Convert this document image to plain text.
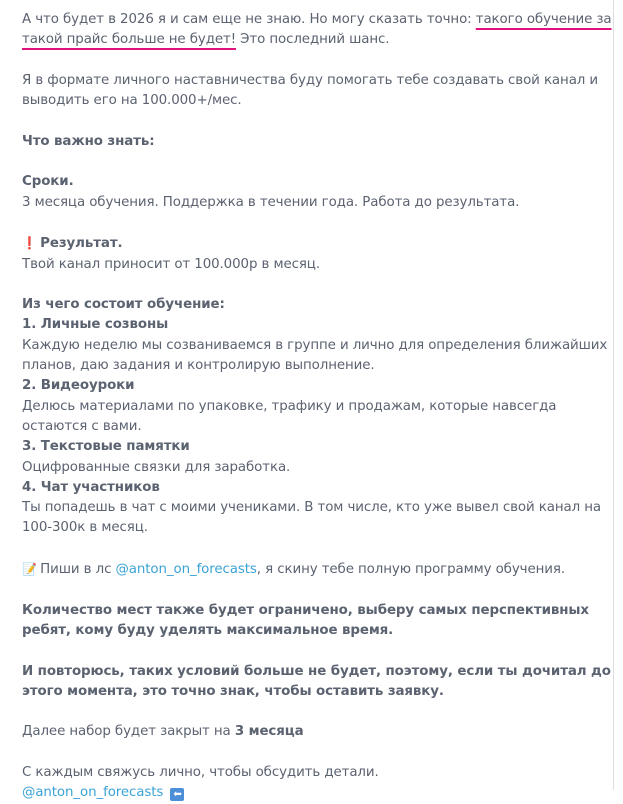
А что будет в 2026 я и сам еще не знаю. Но могу сказать точно: такого обучение за такой прайс больше не будет! Это последний шанс.

Я в формате личного наставничества буду помогать тебе создавать свой канал и выводить его на 100.000+/мес.

Что важно знать:

Сроки.

3 месяца обучения. Поддержка в течении года. Работа до результата.

❗ Результат.

Твой канал приносит от 100.000р в месяц.

Из чего состоит обучение:

1. Личные созвоны

Каждую неделю мы созваниваемся в группе и лично для определения ближайших планов, даю задания и контролирую выполнение.

2. Видеоуроки

Делюсь материалами по упаковке, трафику и продажам, которые навсегда остаются с вами.

3. Текстовые памятки

Оцифрованные связки для заработка.

4. Чат участников

Ты попадешь в чат с моими учениками. В том числе, кто уже вывел свой канал на 100-300к в месяц.

📝 Пиши в лс @anton_on_forecasts, я скину тебе полную программу обучения.

Количество мест также будет ограничено, выберу самых перспективных ребят, кому буду уделять максимальное время.

И повторюсь, таких условий больше не будет, поэтому, если ты дочитал до этого момента, это точно знак, чтобы оставить заявку.

Далее набор будет закрыт на 3 месяца

С каждым свяжусь лично, чтобы обсудить детали.

@anton_on_forecasts ⬅
